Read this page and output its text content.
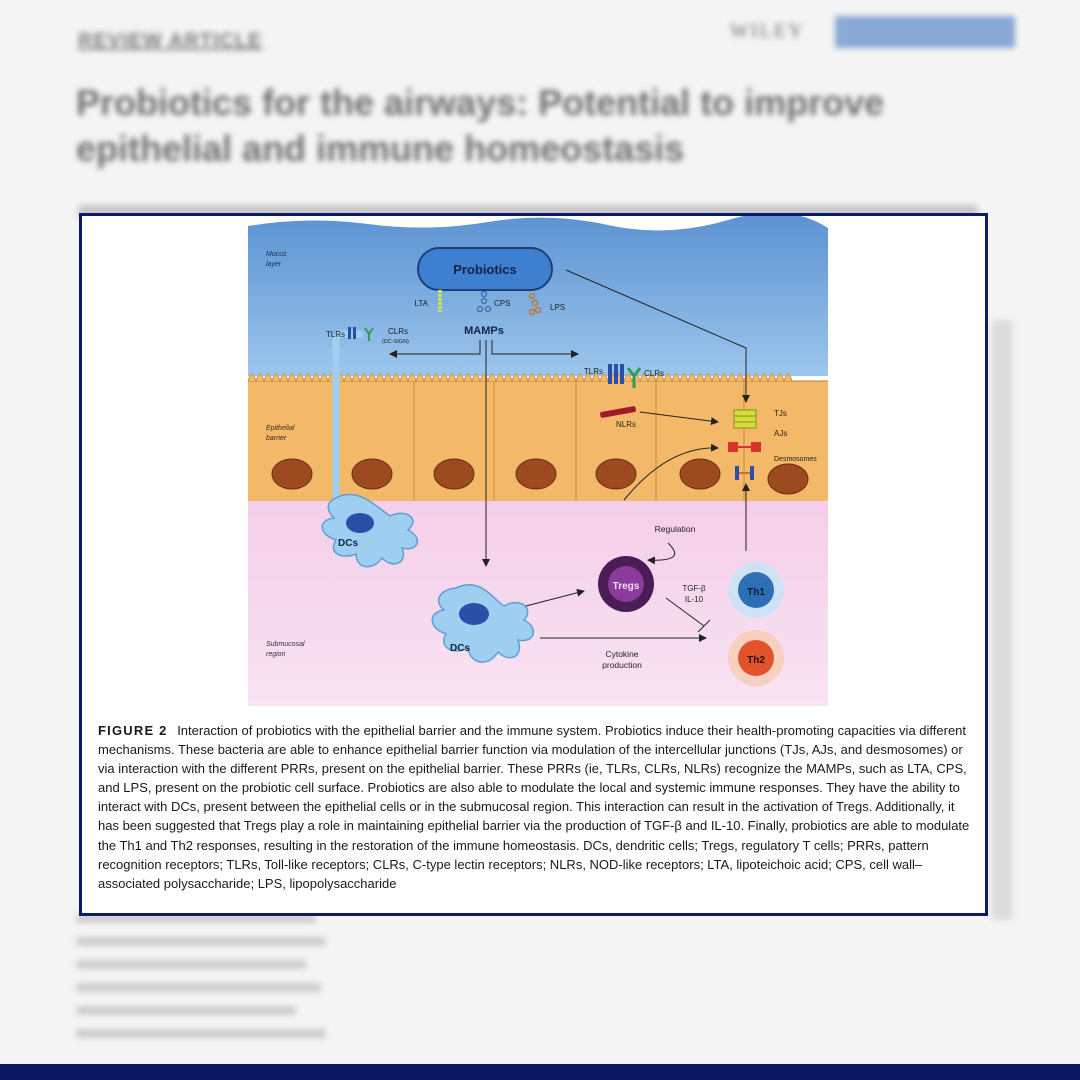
REVIEW ARTICLE	WILEY
Probiotics for the airways: Potential to improve epithelial and immune homeostasis
Probiotics
LTA	CPS	LPS
MAMPs
TLRs	CLRs
(DC-SIGN)
TLRs	CLRs
NLRs
TJs
AJs
Desmosomes
DCs
DCs
Tregs
Regulation
TGF-β
IL-10
Th1
Th2
Cytokine
production
Mucus
layer
Epithelial
barrier
Submucosal
region
FIGURE 2 Interaction of probiotics with the epithelial barrier and the immune system. Probiotics induce their health-promoting capacities via different mechanisms. These bacteria are able to enhance epithelial barrier function via modulation of the intercellular junctions (TJs, AJs, and desmosomes) or via interaction with the different PRRs, present on the epithelial barrier. These PRRs (ie, TLRs, CLRs, NLRs) recognize the MAMPs, such as LTA, CPS, and LPS, present on the probiotic cell surface. Probiotics are also able to modulate the local and systemic immune responses. They have the ability to interact with DCs, present between the epithelial cells or in the submucosal region. This interaction can result in the activation of Tregs. Additionally, it has been suggested that Tregs play a role in maintaining epithelial barrier via the production of TGF-β and IL-10. Finally, probiotics are able to modulate the Th1 and Th2 responses, resulting in the restoration of the immune homeostasis. DCs, dendritic cells; Tregs, regulatory T cells; PRRs, pattern recognition receptors; TLRs, Toll-like receptors; CLRs, C-type lectin receptors; NLRs, NOD-like receptors; LTA, lipoteichoic acid; CPS, cell wall–associated polysaccharide; LPS, lipopolysaccharide
